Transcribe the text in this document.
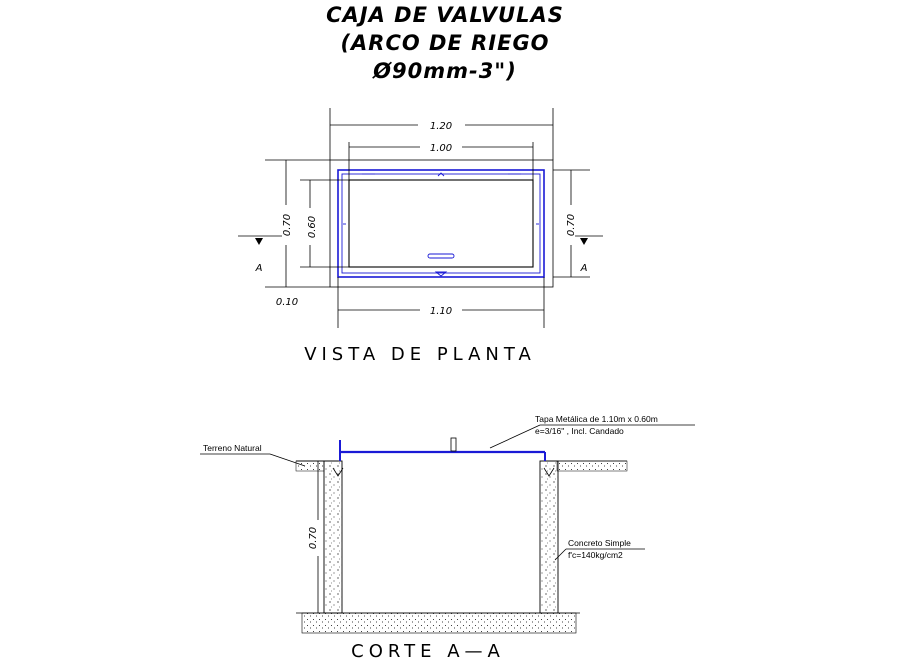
CAJA DE VALVULAS
(ARCO DE RIEGO
Ø90mm-3")
1.20
1.00
1.10
0.70 0.60	0.70
0.10
A	A
VISTA DE PLANTA
0.70
Tapa Metálica de 1.10m x 0.60m
e=3/16" , Incl. Candado
Terreno Natural
Concreto Simple
f'c=140kg/cm2
CORTE A—A
